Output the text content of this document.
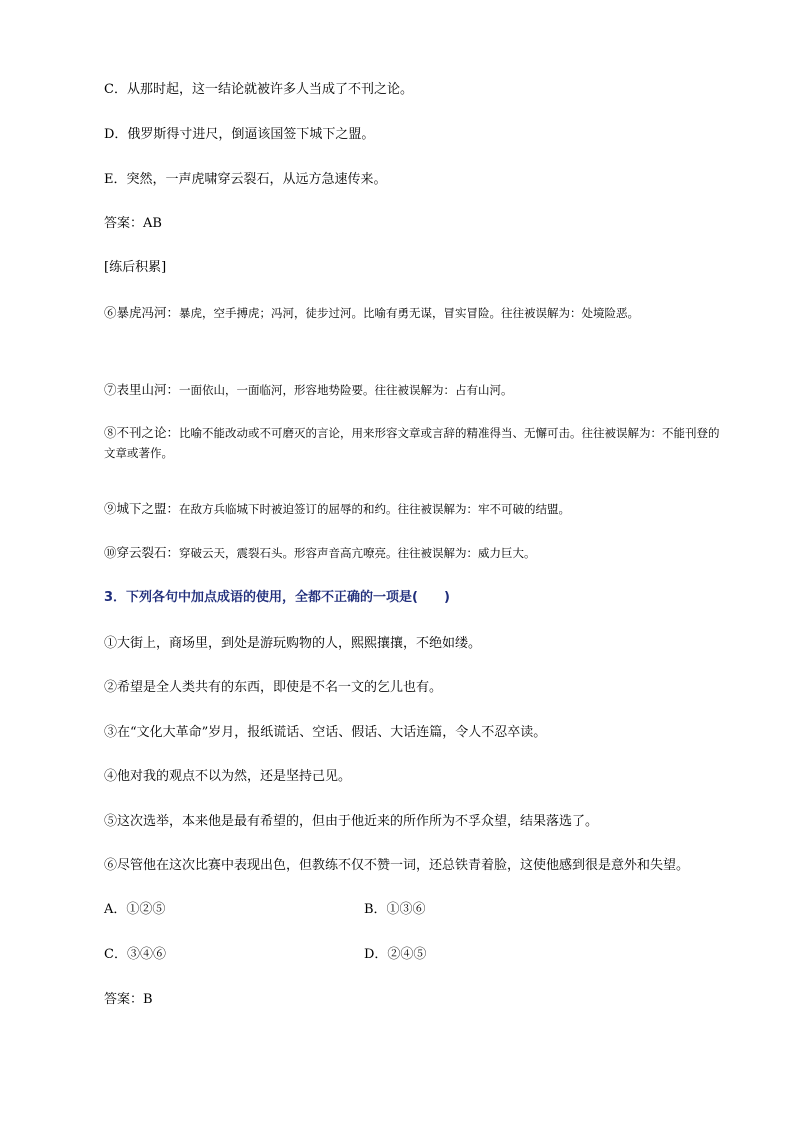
C．从那时起，这一结论就被许多人当成了不刊之论。
D．俄罗斯得寸进尺，倒逼该国签下城下之盟。
E．突然，一声虎啸穿云裂石，从远方急速传来。
答案：AB
[练后积累]
⑥暴虎冯河：暴虎，空手搏虎；冯河，徒步过河。比喻有勇无谋，冒实冒险。往往被误解为：处境险恶。
⑦表里山河：一面依山，一面临河，形容地势险要。往往被误解为：占有山河。
⑧不刊之论：比喻不能改动或不可磨灭的言论，用来形容文章或言辞的精准得当、无懈可击。往往被误解为：不能刊登的文章或著作。
⑨城下之盟：在敌方兵临城下时被迫签订的屈辱的和约。往往被误解为：牢不可破的结盟。
⑩穿云裂石：穿破云天，震裂石头。形容声音高亢嘹亮。往往被误解为：威力巨大。
3．下列各句中加点成语的使用，全都不正确的一项是(　　)
①大街上，商场里，到处是游玩购物的人，熙熙攘攘，不绝如缕。
②希望是全人类共有的东西，即使是不名一文的乞儿也有。
③在“文化大革命”岁月，报纸谎话、空话、假话、大话连篇，令人不忍卒读。
④他对我的观点不以为然，还是坚持己见。
⑤这次选举，本来他是最有希望的，但由于他近来的所作所为不孚众望，结果落选了。
⑥尽管他在这次比赛中表现出色，但教练不仅不赞一词，还总铁青着脸，这使他感到很是意外和失望。
A．①②⑤	B．①③⑥
C．③④⑥	D．②④⑤
答案：B
